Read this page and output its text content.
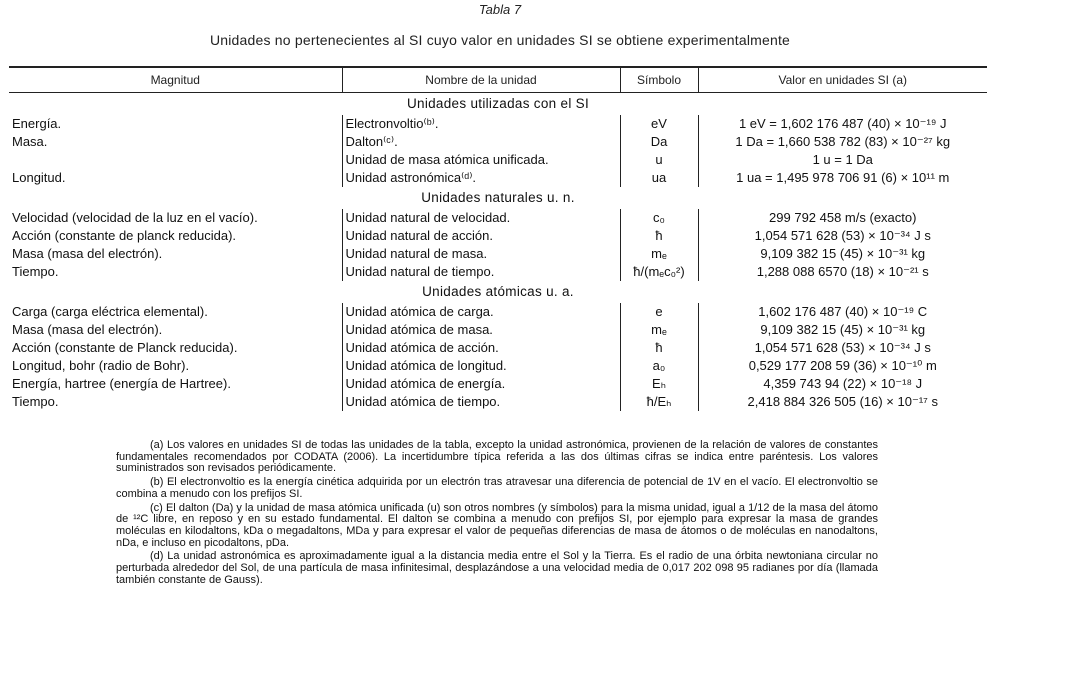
Tabla 7
Unidades no pertenecientes al SI cuyo valor en unidades SI se obtiene experimentalmente
Magnitud	Nombre de la unidad	Símbolo	Valor en unidades SI (a)
Unidades utilizadas con el SI			
Energía.	Electronvoltio⁽ᵇ⁾.	eV	1 eV = 1,602 176 487 (40) × 10⁻¹⁹ J
Masa.	Dalton⁽ᶜ⁾.	Da	1 Da = 1,660 538 782 (83) × 10⁻²⁷ kg
	Unidad de masa atómica unificada.	u	1 u = 1 Da
Longitud.	Unidad astronómica⁽ᵈ⁾.	ua	1 ua = 1,495 978 706 91 (6) × 10¹¹ m
Unidades naturales u. n.			
Velocidad (velocidad de la luz en el vacío).	Unidad natural de velocidad.	c₀	299 792 458 m/s (exacto)
Acción (constante de planck reducida).	Unidad natural de acción.	ħ	1,054 571 628 (53) × 10⁻³⁴ J s
Masa (masa del electrón).	Unidad natural de masa.	mₑ	9,109 382 15 (45) × 10⁻³¹ kg
Tiempo.	Unidad natural de tiempo.	ħ/(mₑc₀²)	1,288 088 6570 (18) × 10⁻²¹ s
Unidades atómicas u. a.			
Carga (carga eléctrica elemental).	Unidad atómica de carga.	e	1,602 176 487 (40) × 10⁻¹⁹ C
Masa (masa del electrón).	Unidad atómica de masa.	mₑ	9,109 382 15 (45) × 10⁻³¹ kg
Acción (constante de Planck reducida).	Unidad atómica de acción.	ħ	1,054 571 628 (53) × 10⁻³⁴ J s
Longitud, bohr (radio de Bohr).	Unidad atómica de longitud.	a₀	0,529 177 208 59 (36) × 10⁻¹⁰ m
Energía, hartree (energía de Hartree).	Unidad atómica de energía.	Eₕ	4,359 743 94 (22) × 10⁻¹⁸ J
Tiempo.	Unidad atómica de tiempo.	ħ/Eₕ	2,418 884 326 505 (16) × 10⁻¹⁷ s

(a) Los valores en unidades SI de todas las unidades de la tabla, excepto la unidad astronómica, provienen de la relación de valores de constantes fundamentales recomendados por CODATA (2006). La incertidumbre típica referida a las dos últimas cifras se indica entre paréntesis. Los valores suministrados son revisados periódicamente.

(b) El electronvoltio es la energía cinética adquirida por un electrón tras atravesar una diferencia de potencial de 1V en el vacío. El electronvoltio se combina a menudo con los prefijos SI.

(c) El dalton (Da) y la unidad de masa atómica unificada (u) son otros nombres (y símbolos) para la misma unidad, igual a 1/12 de la masa del átomo de ¹²C libre, en reposo y en su estado fundamental. El dalton se combina a menudo con prefijos SI, por ejemplo para expresar la masa de grandes moléculas en kilodaltons, kDa o megadaltons, MDa y para expresar el valor de pequeñas diferencias de masa de átomos o de moléculas en nanodaltons, nDa, e incluso en picodaltons, pDa.

(d) La unidad astronómica es aproximadamente igual a la distancia media entre el Sol y la Tierra. Es el radio de una órbita newtoniana circular no perturbada alrededor del Sol, de una partícula de masa infinitesimal, desplazándose a una velocidad media de 0,017 202 098 95 radianes por día (llamada también constante de Gauss).
